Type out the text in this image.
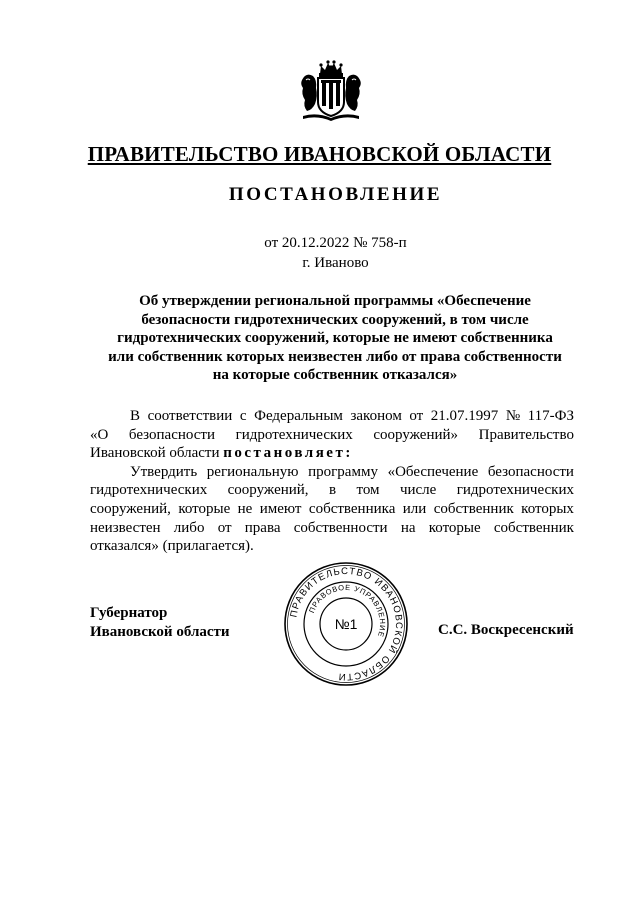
ПРАВИТЕЛЬСТВО ИВАНОВСКОЙ ОБЛАСТИ
ПОСТАНОВЛЕНИЕ
от 20.12.2022 № 758-п
г. Иваново
Об утверждении региональной программы «Обеспечение
безопасности гидротехнических сооружений, в том числе
гидротехнических сооружений, которые не имеют собственника
или собственник которых неизвестен либо от права собственности
на которые собственник отказался»
В соответствии с Федеральным законом от 21.07.1997 № 117-ФЗ
«О безопасности гидротехнических сооружений» Правительство
Ивановской области постановляет:
Утвердить региональную программу «Обеспечение безопасности
гидротехнических сооружений, в том числе гидротехнических
сооружений, которые не имеют собственника или собственник которых
неизвестен либо от права собственности на которые собственник
отказался» (прилагается).
Губернатор
Ивановской области
ПРАВИТЕЛЬСТВО ИВАНОВСКОЙ ОБЛАСТИ
ПРАВОВОЕ УПРАВЛЕНИЕ
№1	С.С. Воскресенский
